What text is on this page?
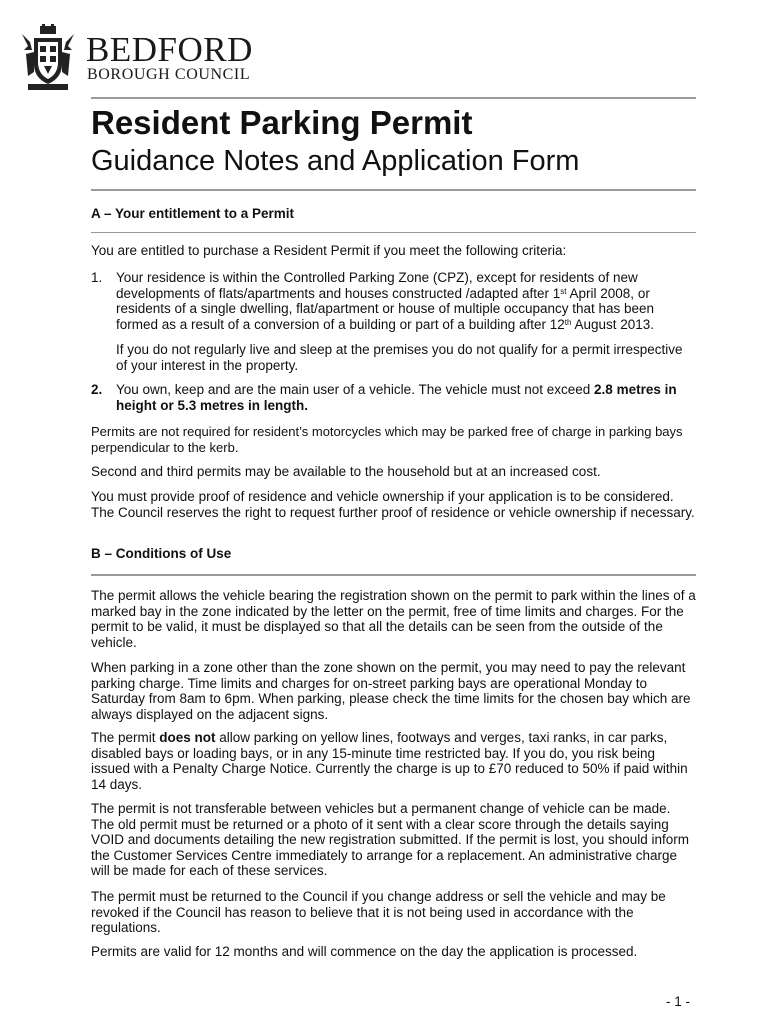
BEDFORD
BOROUGH COUNCIL
Resident Parking Permit
Guidance Notes and Application Form
A – Your entitlement to a Permit

You are entitled to purchase a Resident Permit if you meet the following criteria:

1. Your residence is within the Controlled Parking Zone (CPZ), except for residents of new developments of flats/apartments and houses constructed /adapted after 1st April 2008, or residents of a single dwelling, flat/apartment or house of multiple occupancy that has been formed as a result of a conversion of a building or part of a building after 12th August 2013.

If you do not regularly live and sleep at the premises you do not qualify for a permit irrespective of your interest in the property.

2. You own, keep and are the main user of a vehicle. The vehicle must not exceed 2.8 metres in height or 5.3 metres in length.

Permits are not required for resident’s motorcycles which may be parked free of charge in parking bays perpendicular to the kerb.

Second and third permits may be available to the household but at an increased cost.

You must provide proof of residence and vehicle ownership if your application is to be considered. The Council reserves the right to request further proof of residence or vehicle ownership if necessary.

B – Conditions of Use

The permit allows the vehicle bearing the registration shown on the permit to park within the lines of a marked bay in the zone indicated by the letter on the permit, free of time limits and charges. For the permit to be valid, it must be displayed so that all the details can be seen from the outside of the vehicle.

When parking in a zone other than the zone shown on the permit, you may need to pay the relevant parking charge. Time limits and charges for on-street parking bays are operational Monday to Saturday from 8am to 6pm. When parking, please check the time limits for the chosen bay which are always displayed on the adjacent signs.

The permit does not allow parking on yellow lines, footways and verges, taxi ranks, in car parks, disabled bays or loading bays, or in any 15-minute time restricted bay. If you do, you risk being issued with a Penalty Charge Notice. Currently the charge is up to £70 reduced to 50% if paid within 14 days.

The permit is not transferable between vehicles but a permanent change of vehicle can be made. The old permit must be returned or a photo of it sent with a clear score through the details saying VOID and documents detailing the new registration submitted. If the permit is lost, you should inform the Customer Services Centre immediately to arrange for a replacement. An administrative charge will be made for each of these services.

The permit must be returned to the Council if you change address or sell the vehicle and may be revoked if the Council has reason to believe that it is not being used in accordance with the regulations.

Permits are valid for 12 months and will commence on the day the application is processed.

- 1 -
